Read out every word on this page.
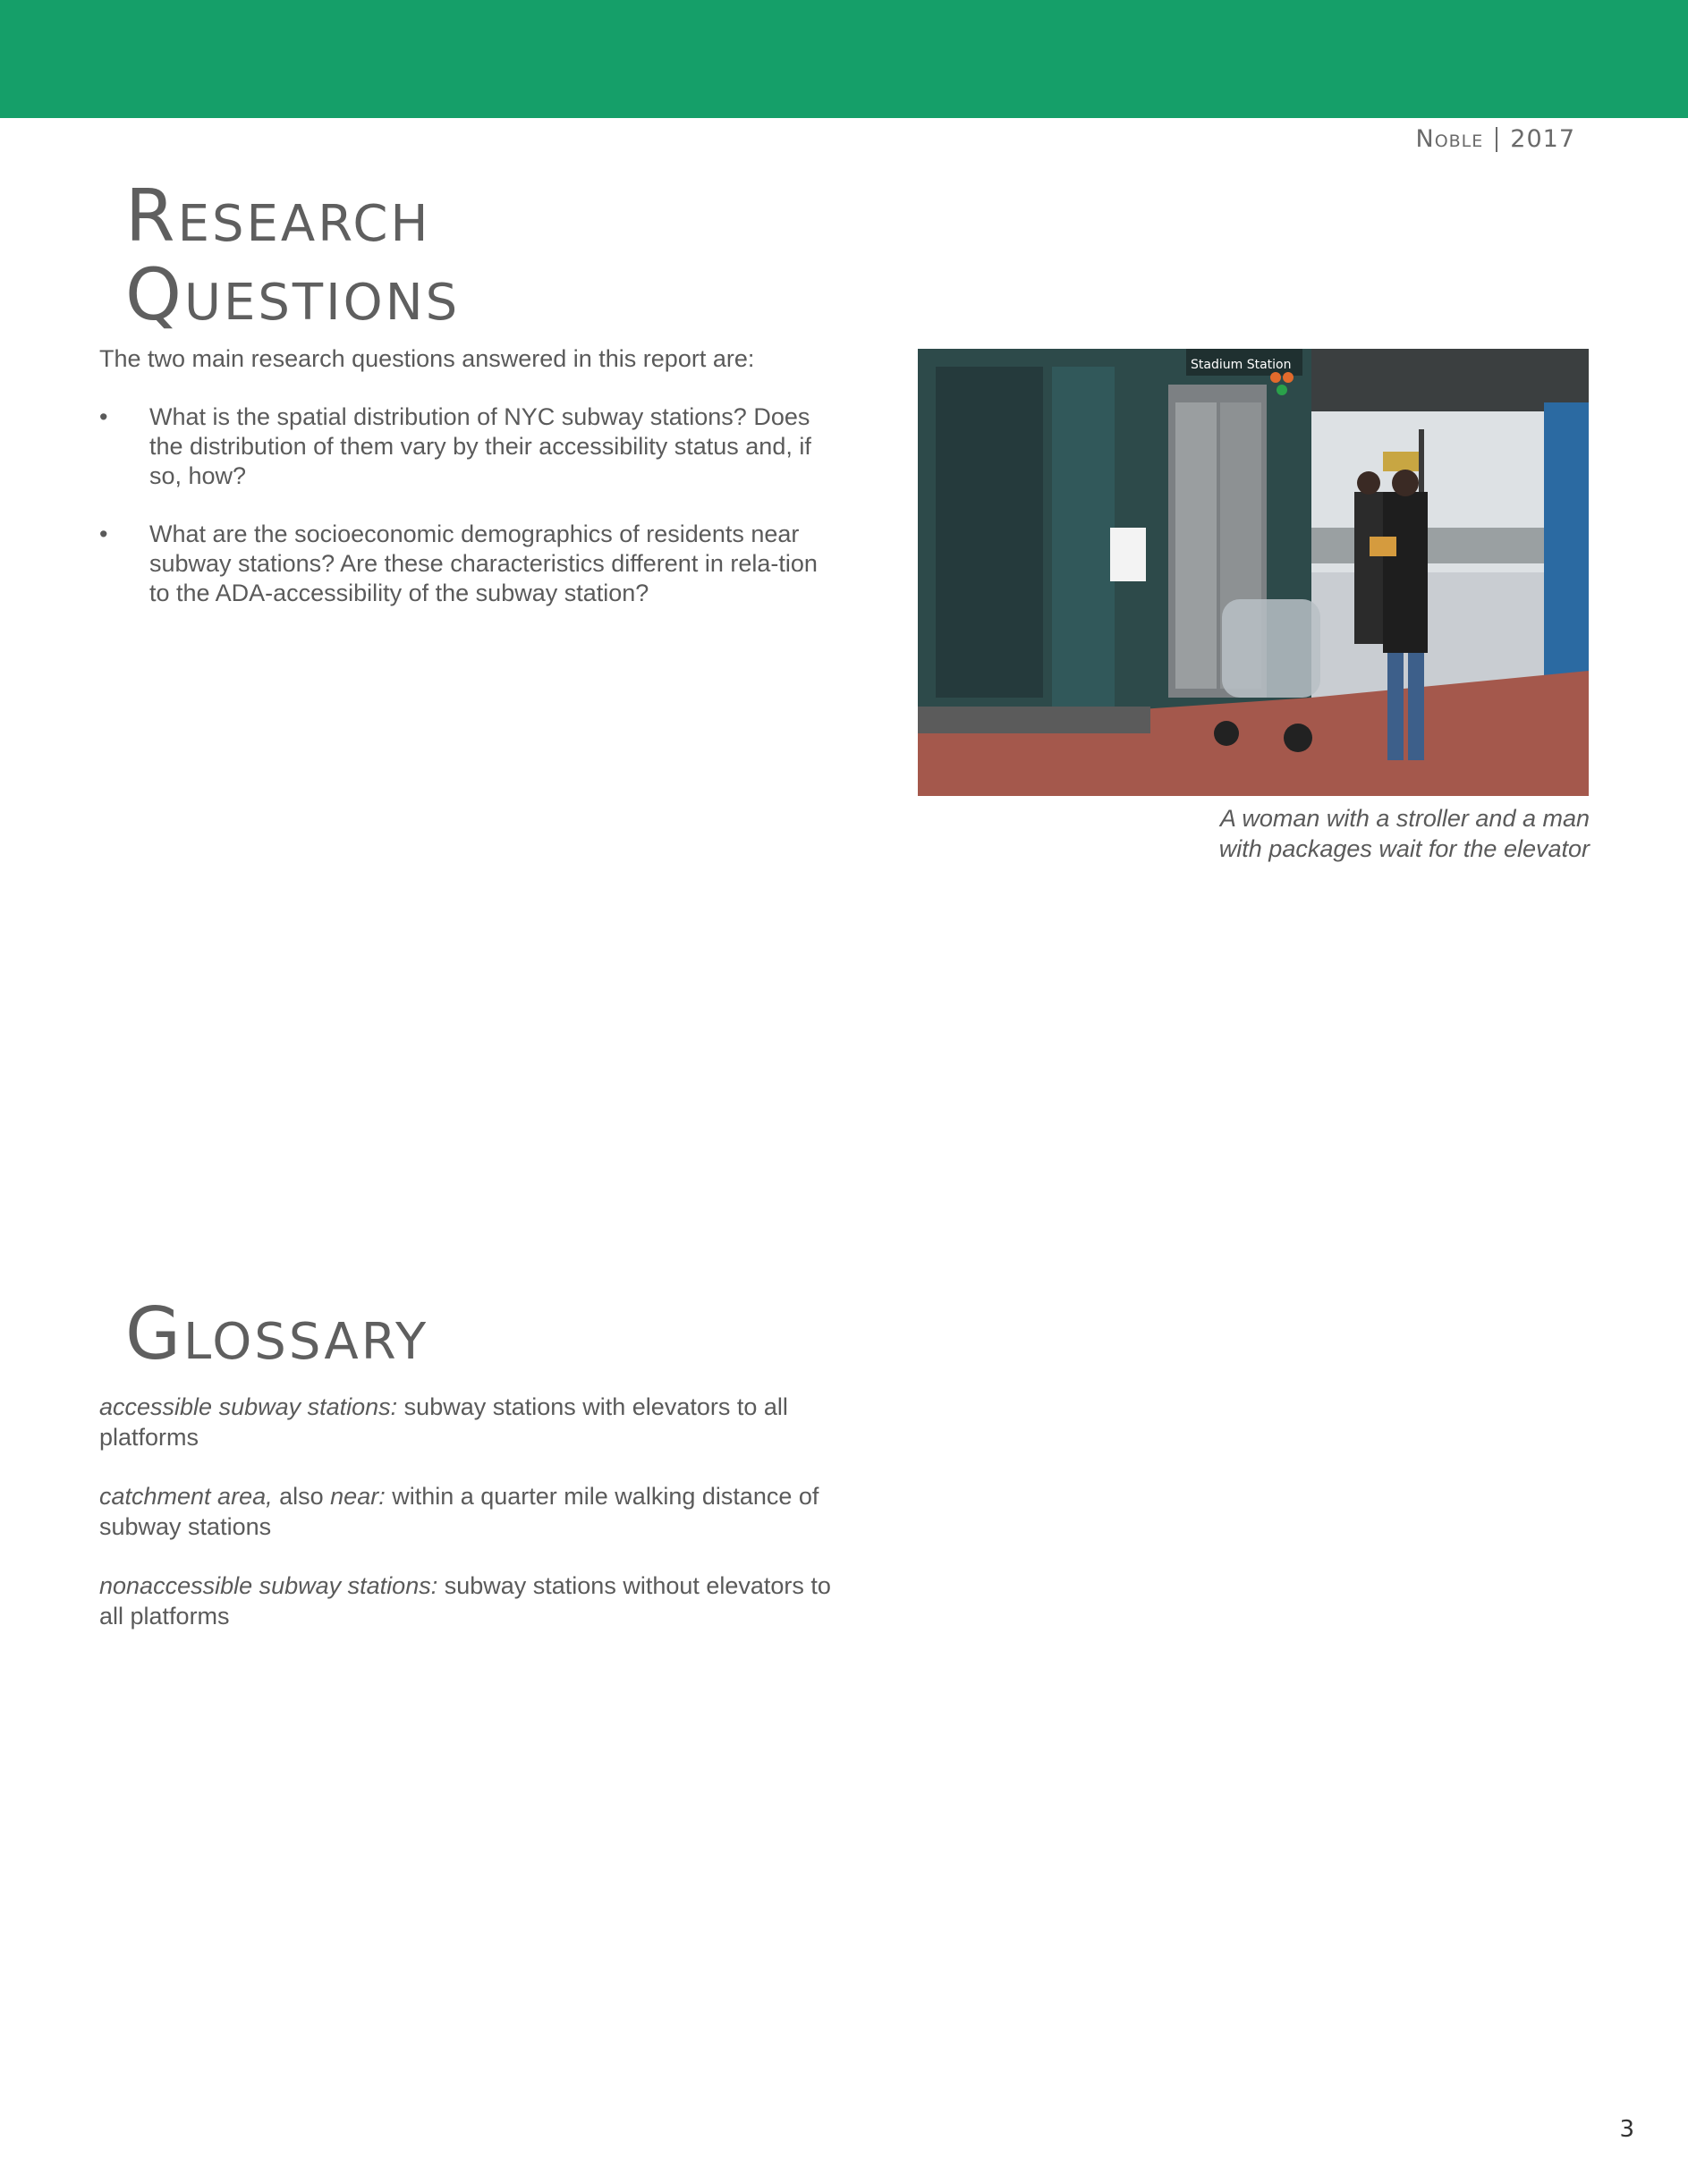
Noble 2017
Research
Questions

The two main research questions answered in this report are:

• What is the spatial distribution of NYC subway stations? Does the distribution of them vary by their accessibility status and, if so, how?
• What are the socioeconomic demographics of residents near subway stations? Are these characteristics different in rela-tion to the ADA-accessibility of the subway station?
Stadium Station

A woman with a stroller and a man
with packages wait for the elevator

Glossary

accessible subway stations: subway stations with elevators to all platforms

catchment area, also near: within a quarter mile walking distance of subway stations

nonaccessible subway stations: subway stations without elevators to all platforms

3
